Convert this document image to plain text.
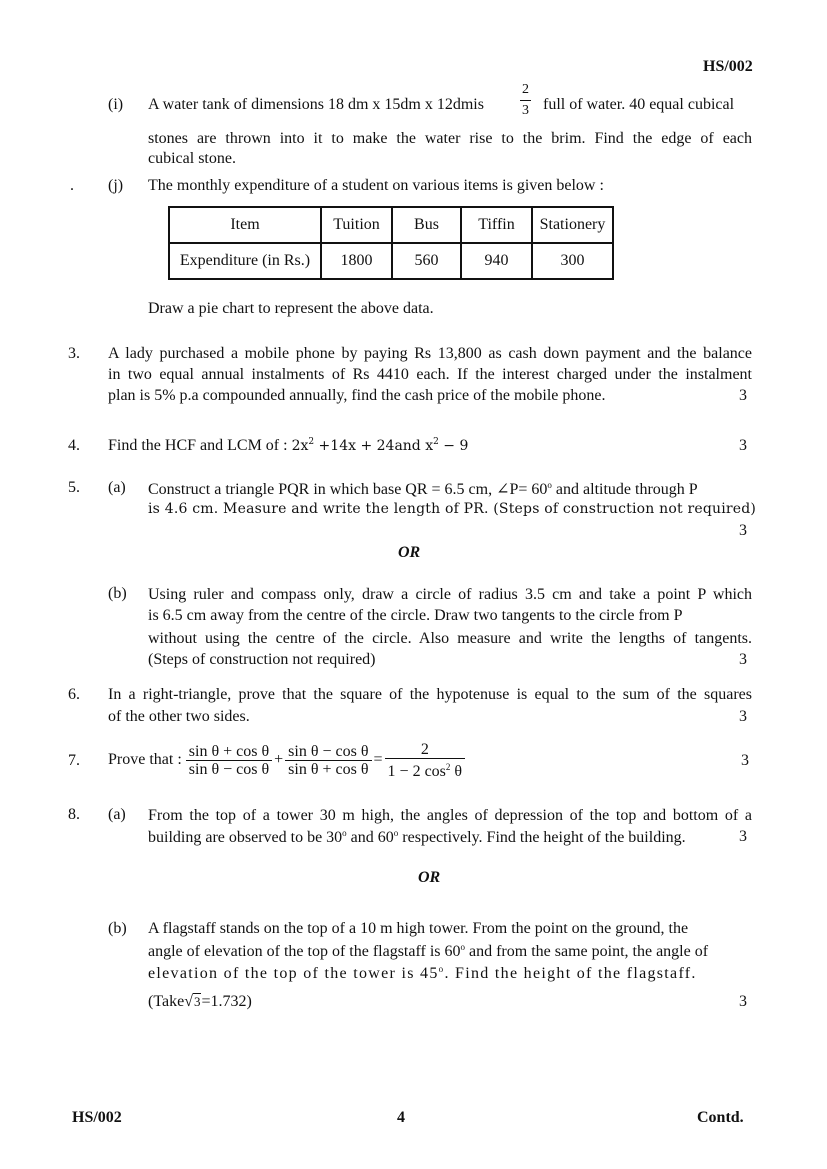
HS/002
(i) A water tank of dimensions 18 dm x 15dm x 12dmis	$\frac{2}{3}$ full of water. 40 equal cubical
stones are thrown into it to make the water rise to the brim. Find the edge of each
cubical stone.
. (j) The monthly expenditure of a student on various items is given below :
Item	Tuition	Bus	Tiffin	Stationery
Expenditure (in Rs.)	1800	560	940	300
Draw a pie chart to represent the above data.
3. A lady purchased a mobile phone by paying Rs 13,800 as cash down payment and the balance
in two equal annual instalments of Rs 4410 each. If the interest charged under the instalment
plan is 5% p.a compounded annually, find the cash price of the mobile phone.	3
4. Find the HCF and LCM of : $2x^2 +14x + 24and$ $x^2 - 9$	3
5. (a) Construct a triangle PQR in which base QR = 6.5 cm, ∠P= $60^o$ and altitude through P
is 4.6 cm. Measure and write the length of PR. (Steps of construction not required)
3
OR
(b) Using ruler and compass only, draw a circle of radius 3.5 cm and take a point P which
is 6.5 cm away from the centre of the circle. Draw two tangents to the circle from P
without using the centre of the circle. Also measure and write the lengths of tangents.
(Steps of construction not required)	3
6. In a right-triangle, prove that the square of the hypotenuse is equal to the sum of the squares
of the other two sides.	3
7. Prove that : $\frac{\text{sin θ + cos θ}}{\text{sin θ − cos θ}} + \frac{\text{sin θ − cos θ}}{\text{sin θ + cos θ}} = \frac{2}{1 - 2 \cos^2 \theta}$	3
8. (a) From the top of a tower 30 m high, the angles of depression of the top and bottom of a
building are observed to be 30$^o$ and 60$^o$ respectively. Find the height of the building.	3
OR
(b) A flagstaff stands on the top of a 10 m high tower. From the point on the ground, the
angle of elevation of the top of the flagstaff is 60$^o$ and from the same point, the angle of
elevation of the top of the tower is 45$^o$. Find the height of the flagstaff.
(Take√3=1.732)	3
HS/002	4	Contd.
